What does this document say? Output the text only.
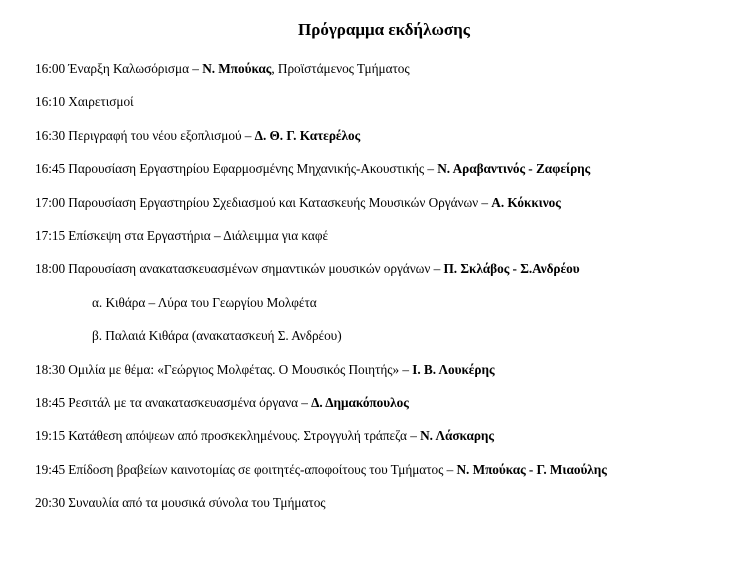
Πρόγραμμα εκδήλωσης
16:00 Έναρξη Καλωσόρισμα – Ν. Μπούκας, Προϊστάμενος Τμήματος
16:10 Χαιρετισμοί
16:30 Περιγραφή του νέου εξοπλισμού – Δ. Θ. Γ. Κατερέλος
16:45 Παρουσίαση Εργαστηρίου Εφαρμοσμένης Μηχανικής-Ακουστικής – Ν. Αραβαντινός - Ζαφείρης
17:00 Παρουσίαση Εργαστηρίου Σχεδιασμού και Κατασκευής Μουσικών Οργάνων – Α. Κόκκινος
17:15 Επίσκεψη στα Εργαστήρια – Διάλειμμα για καφέ
18:00 Παρουσίαση ανακατασκευασμένων σημαντικών μουσικών οργάνων – Π. Σκλάβος - Σ.Ανδρέου
α. Κιθάρα – Λύρα του Γεωργίου Μολφέτα
β. Παλαιά Κιθάρα (ανακατασκευή Σ. Ανδρέου)
18:30 Ομιλία με θέμα: «Γεώργιος Μολφέτας. Ο Μουσικός Ποιητής» – Ι. Β. Λουκέρης
18:45 Ρεσιτάλ με τα ανακατασκευασμένα όργανα – Δ. Δημακόπουλος
19:15 Κατάθεση απόψεων από προσκεκλημένους. Στρογγυλή τράπεζα – Ν. Λάσκαρης
19:45 Επίδοση βραβείων καινοτομίας σε φοιτητές-αποφοίτους του Τμήματος – Ν. Μπούκας - Γ. Μιαούλης
20:30 Συναυλία από τα μουσικά σύνολα του Τμήματος
